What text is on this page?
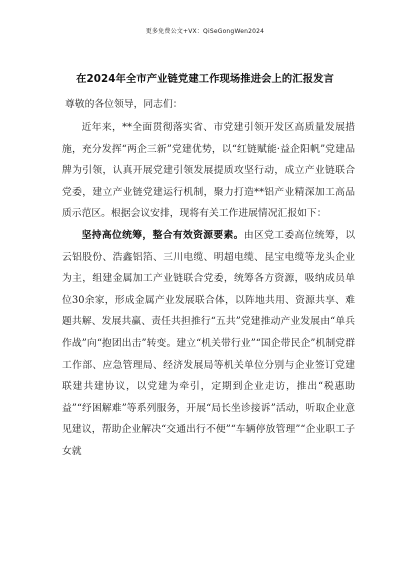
更多免费公文+VX：QiSeGongWen2024
在2024年全市产业链党建工作现场推进会上的汇报发言
尊敬的各位领导，同志们：

近年来，**全面贯彻落实省、市党建引领开发区高质量发展措施，充分发挥“两企三新”党建优势，以“红链赋能·益企阳帆”党建品牌为引领，认真开展党建引领发展提质攻坚行动，成立产业链联合党委，建立产业链党建运行机制，聚力打造**铝产业精深加工高品质示范区。根据会议安排，现将有关工作进展情况汇报如下：

坚持高位统筹，整合有效资源要素。由区党工委高位统筹，以云铝股份、浩鑫铝箔、三川电缆、明超电缆、昆宝电缆等龙头企业为主，组建金属加工产业链联合党委，统筹各方资源，吸纳成员单位30余家，形成金属产业发展联合体，以阵地共用、资源共享、难题共解、发展共赢、责任共担推行“五共”党建推动产业发展由“单兵作战”向“抱团出击”转变。建立“机关带行业”“国企带民企”机制党群工作部、应急管理局、经济发展局等机关单位分别与企业签订党建联建共建协议，以党建为牵引，定期到企业走访，推出“税惠助益”“纾困解难”等系列服务，开展“局长坐诊接诉”活动，听取企业意见建议，帮助企业解决“交通出行不便”“车辆停放管理”“企业职工子女就
